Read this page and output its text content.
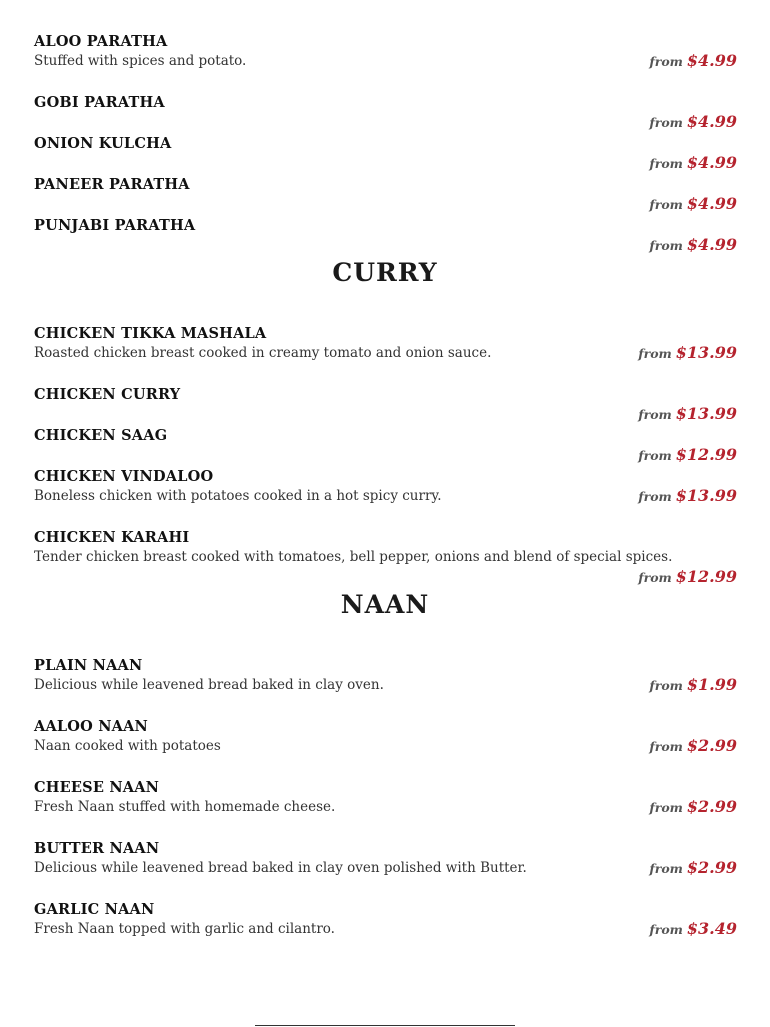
ALOO PARATHA
Stuffed with spices and potato.	from $4.99
GOBI PARATHA
from $4.99
ONION KULCHA
from $4.99
PANEER PARATHA
from $4.99
PUNJABI PARATHA
from $4.99
CHICKEN TIKKA MASHALA
Roasted chicken breast cooked in creamy tomato and onion sauce.	from $13.99
CHICKEN CURRY
from $13.99
CHICKEN SAAG
from $12.99
CHICKEN VINDALOO
Boneless chicken with potatoes cooked in a hot spicy curry.	from $13.99
CHICKEN KARAHI
Tender chicken breast cooked with tomatoes, bell pepper, onions and blend of special spices.
from $12.99
PLAIN NAAN
Delicious while leavened bread baked in clay oven.	from $1.99
AALOO NAAN
Naan cooked with potatoes	from $2.99
CHEESE NAAN
Fresh Naan stuffed with homemade cheese.	from $2.99
BUTTER NAAN
Delicious while leavened bread baked in clay oven polished with Butter.	from $2.99
GARLIC NAAN
Fresh Naan topped with garlic and cilantro.	from $3.49
CURRY
NAAN
